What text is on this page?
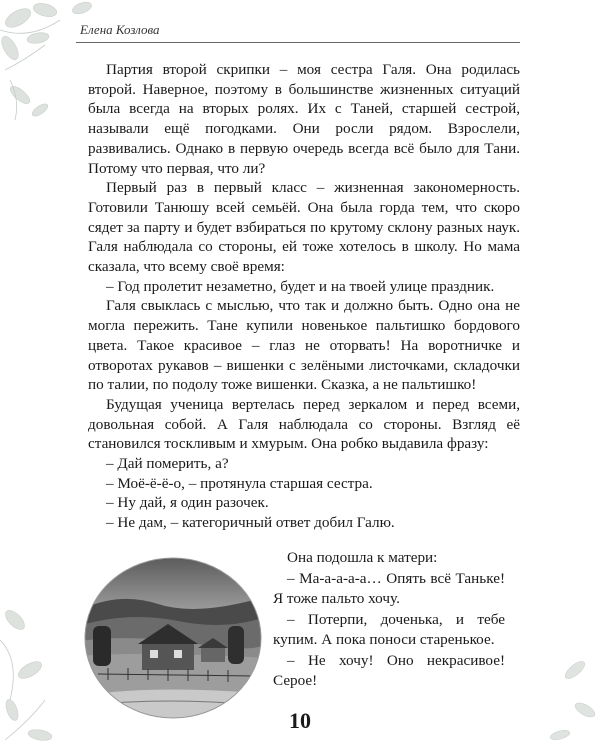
Елена Козлова

Партия второй скрипки – моя сестра Галя. Она родилась второй. Наверное, поэтому в большинстве жизненных ситуаций была всегда на вторых ролях. Их с Таней, старшей сестрой, называли ещё погодками. Они росли рядом. Взрослели, развивались. Однако в первую очередь всегда всё было для Тани. Потому что первая, что ли?

Первый раз в первый класс – жизненная закономерность. Готовили Танюшу всей семьёй. Она была горда тем, что скоро сядет за парту и будет взбираться по крутому склону разных наук. Галя наблюдала со стороны, ей тоже хотелось в школу. Но мама сказала, что всему своё время:

– Год пролетит незаметно, будет и на твоей улице праздник.

Галя свыклась с мыслью, что так и должно быть. Одно она не могла пережить. Тане купили новенькое пальтишко бордового цвета. Такое красивое – глаз не оторвать! На воротничке и отворотах рукавов – вишенки с зелёными листочками, складочки по талии, по подолу тоже вишенки. Сказка, а не пальтишко!

Будущая ученица вертелась перед зеркалом и перед всеми, довольная собой. А Галя наблюдала со стороны. Взгляд её становился тоскливым и хмурым. Она робко выдавила фразу:

– Дай померить, а?

– Моё-ё-ё-о, – протянула старшая сестра.

– Ну дай, я один разочек.

– Не дам, – категоричный ответ добил Галю.

Она подошла к матери:

– Ма-а-а-а-а… Опять всё Таньке! Я тоже пальто хочу.

– Потерпи, доченька, и тебе купим. А пока поноси старенькое.

– Не хочу! Оно некрасивое! Серое!

10
